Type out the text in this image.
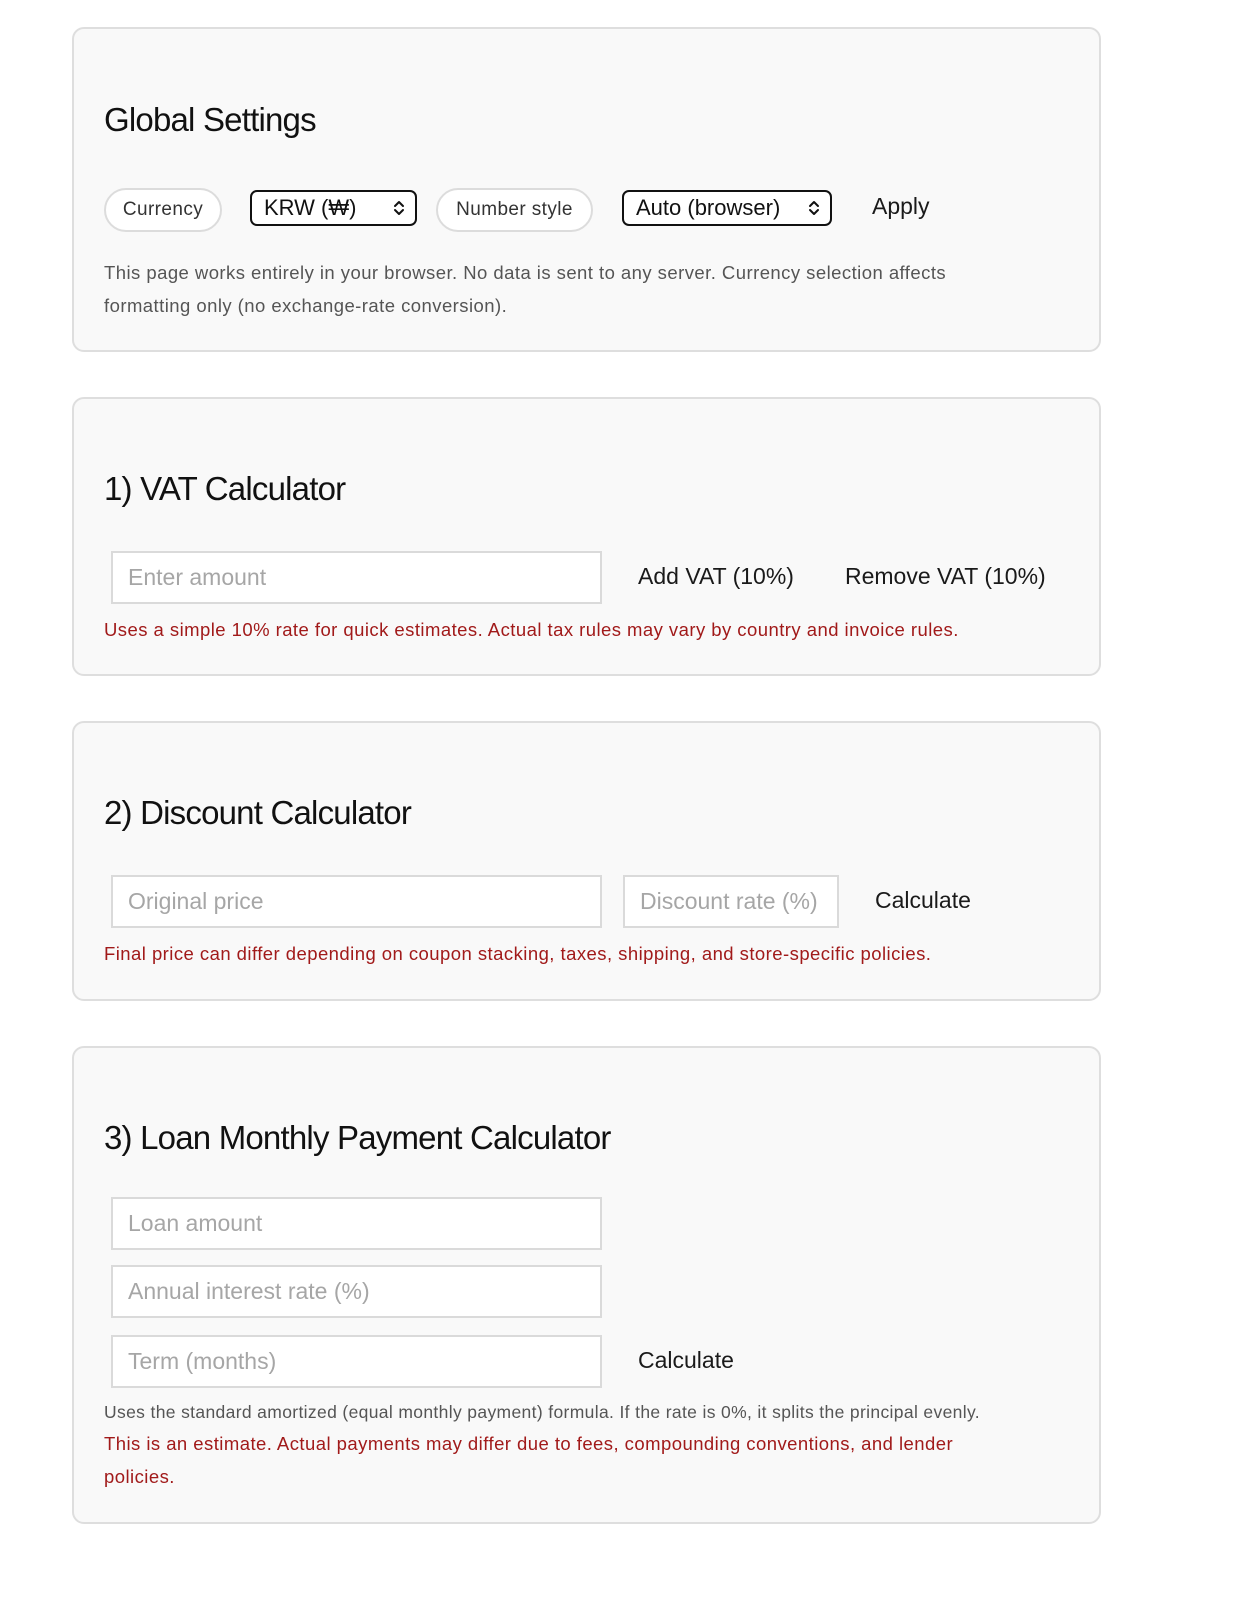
Global Settings
Currency	KRW (₩)	Number style	Auto (browser)	Apply

This page works entirely in your browser. No data is sent to any server. Currency selection affects

formatting only (no exchange-rate conversion).

1) VAT Calculator
Enter amount	Add VAT (10%) Remove VAT (10%)

Uses a simple 10% rate for quick estimates. Actual tax rules may vary by country and invoice rules.

2) Discount Calculator
Original price	Discount rate (%) Calculate

Final price can differ depending on coupon stacking, taxes, shipping, and store-specific policies.

3) Loan Monthly Payment Calculator
Loan amount
Annual interest rate (%)
Term (months)	Calculate

Uses the standard amortized (equal monthly payment) formula. If the rate is 0%, it splits the principal evenly.

This is an estimate. Actual payments may differ due to fees, compounding conventions, and lender

policies.
